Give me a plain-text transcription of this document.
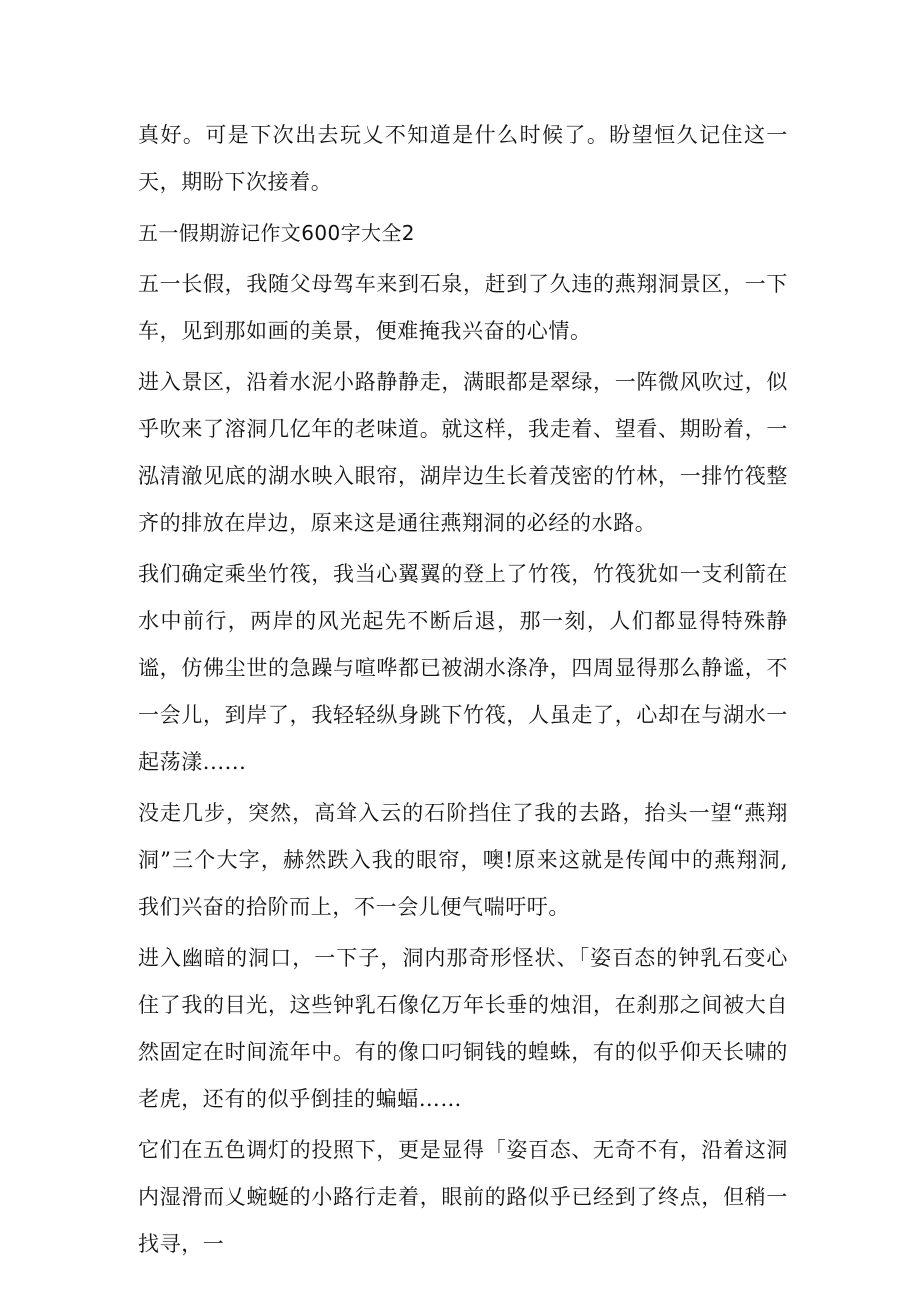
真好。可是下次出去玩乂不知道是什么时候了。盼望恒久记住这一天，期盼下次接着。

五一假期游记作文600字大全2

五一长假，我随父母驾车来到石泉，赶到了久违的燕翔洞景区，一下车，见到那如画的美景，便难掩我兴奋的心情。

进入景区，沿着水泥小路静静走，满眼都是翠绿，一阵微风吹过，似乎吹来了溶洞几亿年的老味道。就这样，我走着、望看、期盼着，一泓清澈见底的湖水映入眼帘，湖岸边生长着茂密的竹林，一排竹筏整齐的排放在岸边，原来这是通往燕翔洞的必经的水路。

我们确定乘坐竹筏，我当心翼翼的登上了竹筏，竹筏犹如一支利箭在水中前行，两岸的风光起先不断后退，那一刻，人们都显得特殊静谧，仿佛尘世的急躁与喧哗都已被湖水涤净，四周显得那么静谧，不一会儿，到岸了，我轻轻纵身跳下竹筏，人虽走了，心却在与湖水一起荡漾......

没走几步，突然，高耸入云的石阶挡住了我的去路，抬头一望“燕翔洞”三个大字，赫然跌入我的眼帘，噢!原来这就是传闻中的燕翔洞,我们兴奋的拾阶而上，不一会儿便气喘吁吁。

进入幽暗的洞口，一下子，洞内那奇形怪状、「姿百态的钟乳石变心住了我的目光，这些钟乳石像亿万年长垂的烛泪，在刹那之间被大自然固定在时间流年中。有的像口叼铜钱的蝗蛛，有的似乎仰天长啸的老虎，还有的似乎倒挂的蝙蝠……

它们在五色调灯的投照下，更是显得「姿百态、无奇不有，沿着这洞内湿滑而乂蜿蜒的小路行走着，眼前的路似乎已经到了终点，但稍一找寻，一
